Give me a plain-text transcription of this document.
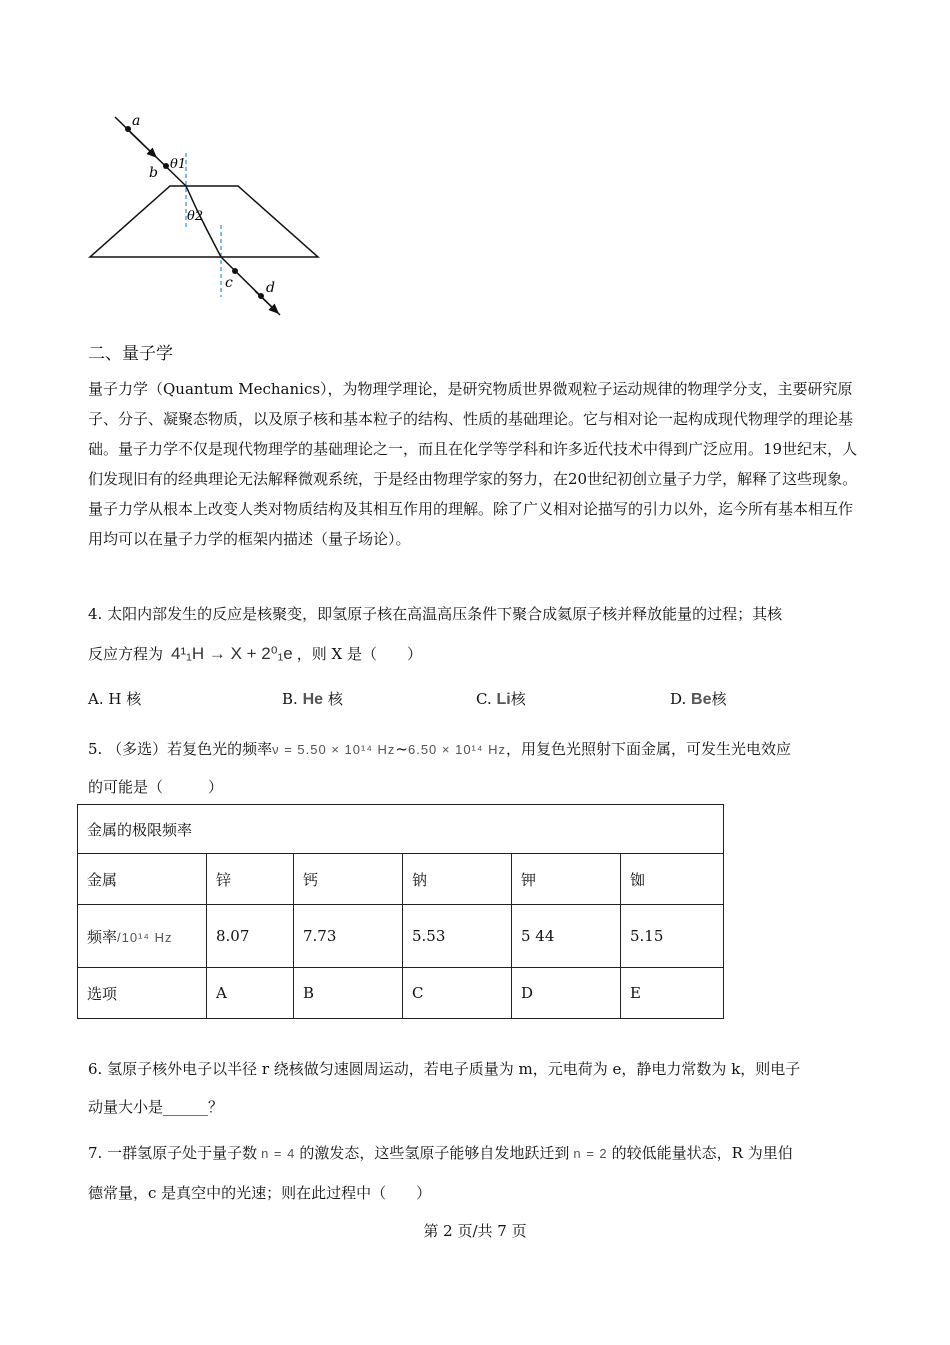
a
b
θ1
θ2
c d
二、量子学

量子力学（Quantum Mechanics），为物理学理论，是研究物质世界微观粒子运动规律的物理学分支，主要研究原子、分子、凝聚态物质，以及原子核和基本粒子的结构、性质的基础理论。它与相对论一起构成现代物理学的理论基础。量子力学不仅是现代物理学的基础理论之一，而且在化学等学科和许多近代技术中得到广泛应用。19世纪末，人们发现旧有的经典理论无法解释微观系统，于是经由物理学家的努力，在20世纪初创立量子力学，解释了这些现象。量子力学从根本上改变人类对物质结构及其相互作用的理解。除了广义相对论描写的引力以外，迄今所有基本相互作用均可以在量子力学的框架内描述（量子场论）。

4. 太阳内部发生的反应是核聚变，即氢原子核在高温高压条件下聚合成氦原子核并释放能量的过程；其核
反应方程为 4¹₁H → X + 2⁰₁e ，则 X 是（　　）
A. H 核	B. He 核	C. Li核	D. Be核
5. （多选）若复色光的频率ν = 5.50 × 10¹⁴ Hz~6.50 × 10¹⁴ Hz，用复色光照射下面金属，可发生光电效应
的可能是（　　　）
金属的极限频率					
金属	锌	钙	钠	钾	铷
频率/10¹⁴ Hz	8.07	7.73	5.53	5 44	5.15
选项	A	B	C	D	E
6. 氢原子核外电子以半径 r 绕核做匀速圆周运动，若电子质量为 m，元电荷为 e，静电力常数为 k，则电子
动量大小是______？
7. 一群氢原子处于量子数 n = 4 的激发态，这些氢原子能够自发地跃迁到 n = 2 的较低能量状态，R 为里伯
德常量，c 是真空中的光速；则在此过程中（　　）
第 2 页/共 7 页
